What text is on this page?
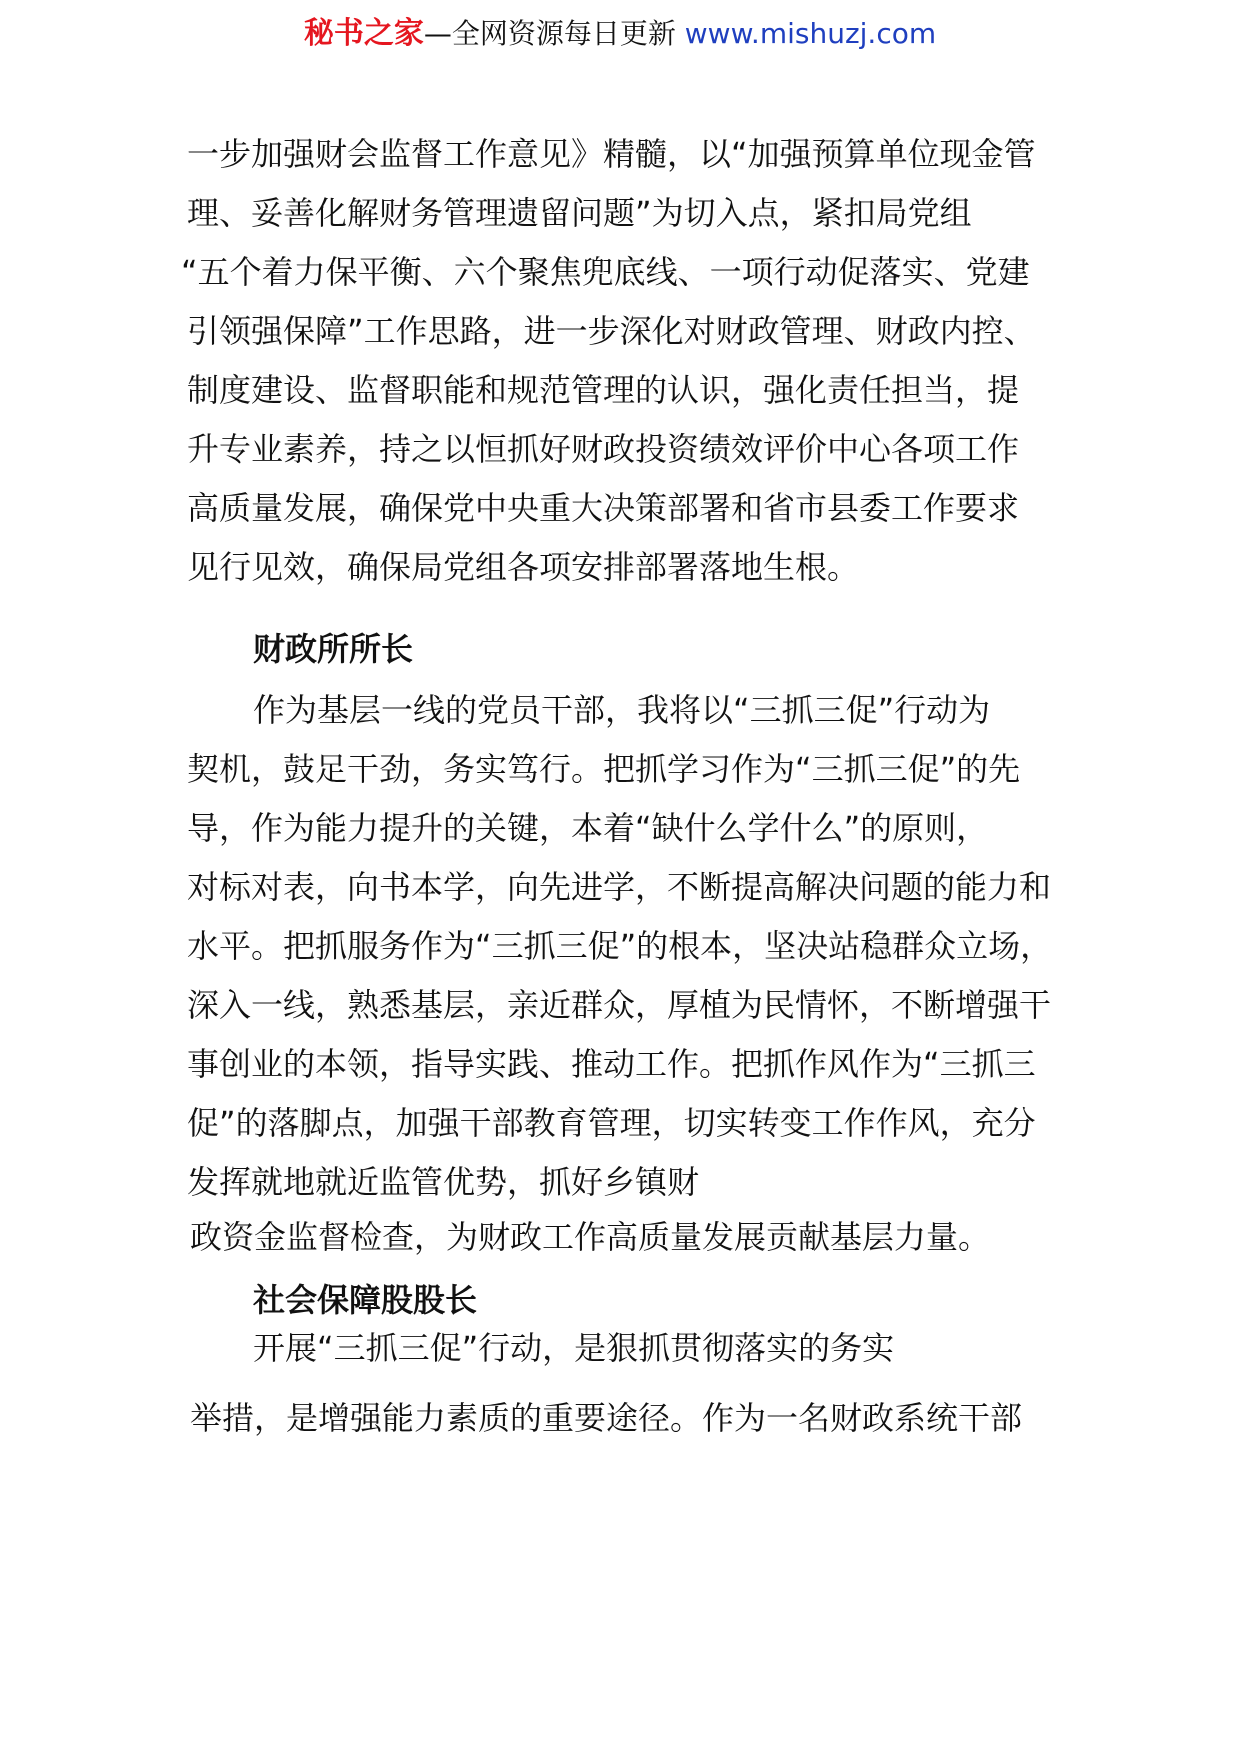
秘书之家—全网资源每日更新 www.mishuzj.com
一步加强财会监督工作意见》精髓，以“加强预算单位现金管
理、妥善化解财务管理遗留问题”为切入点，紧扣局党组
“五个着力保平衡、六个聚焦兜底线、一项行动促落实、党建
引领强保障”工作思路，进一步深化对财政管理、财政内控、
制度建设、监督职能和规范管理的认识，强化责任担当，提
升专业素养，持之以恒抓好财政投资绩效评价中心各项工作
高质量发展，确保党中央重大决策部署和省市县委工作要求
见行见效，确保局党组各项安排部署落地生根。
财政所所长
作为基层一线的党员干部，我将以“三抓三促”行动为
契机，鼓足干劲，务实笃行。把抓学习作为“三抓三促”的先
导，作为能力提升的关键，本着“缺什么学什么”的原则，
对标对表，向书本学，向先进学，不断提高解决问题的能力和
水平。把抓服务作为“三抓三促”的根本，坚决站稳群众立场，
深入一线，熟悉基层，亲近群众，厚植为民情怀，不断增强干
事创业的本领，指导实践、推动工作。把抓作风作为“三抓三
促”的落脚点，加强干部教育管理，切实转变工作作风，充分
发挥就地就近监管优势，抓好乡镇财
政资金监督检查，为财政工作高质量发展贡献基层力量。
社会保障股股长
开展“三抓三促”行动，是狠抓贯彻落实的务实
举措，是增强能力素质的重要途径。作为一名财政系统干部
